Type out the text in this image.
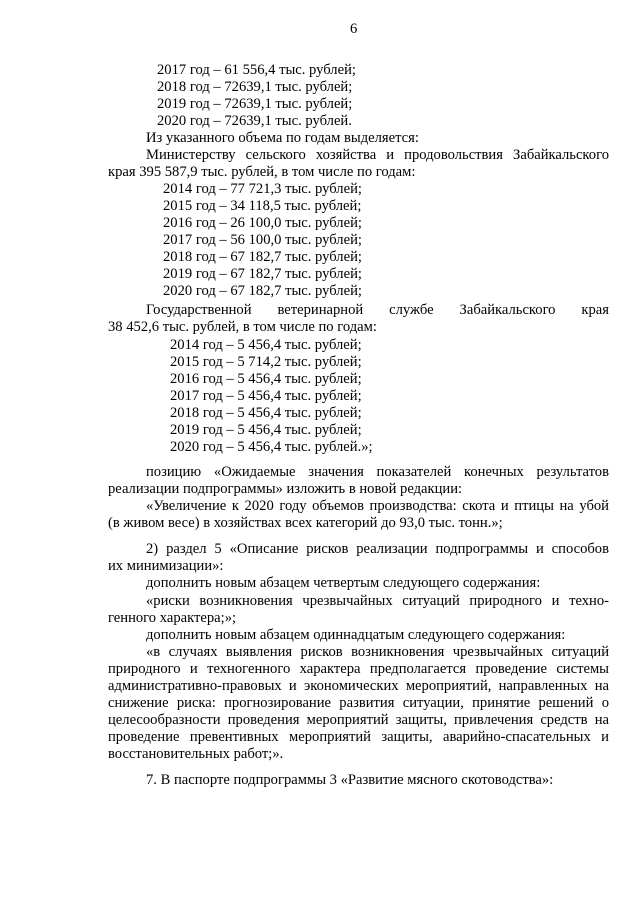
6
2017 год – 61 556,4 тыс. рублей;
2018 год – 72639,1 тыс. рублей;
2019 год – 72639,1 тыс. рублей;
2020 год – 72639,1 тыс. рублей.
Из указанного объема по годам выделяется:
Министерству сельского хозяйства и продовольствия Забайкальского
края 395 587,9 тыс. рублей, в том числе по годам:
2014 год – 77 721,3 тыс. рублей;
2015 год – 34 118,5 тыс. рублей;
2016 год – 26 100,0 тыс. рублей;
2017 год – 56 100,0 тыс. рублей;
2018 год – 67 182,7 тыс. рублей;
2019 год – 67 182,7 тыс. рублей;
2020 год – 67 182,7 тыс. рублей;
Государственной ветеринарной службе Забайкальского края
38 452,6 тыс. рублей, в том числе по годам:
2014 год – 5 456,4 тыс. рублей;
2015 год – 5 714,2 тыс. рублей;
2016 год – 5 456,4 тыс. рублей;
2017 год – 5 456,4 тыс. рублей;
2018 год – 5 456,4 тыс. рублей;
2019 год – 5 456,4 тыс. рублей;
2020 год – 5 456,4 тыс. рублей.»;
позицию «Ожидаемые значения показателей конечных результатов
реализации подпрограммы» изложить в новой редакции:
«Увеличение к 2020 году объемов производства: скота и птицы на убой
(в живом весе) в хозяйствах всех категорий до 93,0 тыс. тонн.»;
2) раздел 5 «Описание рисков реализации подпрограммы и способов
их минимизации»:
дополнить новым абзацем четвертым следующего содержания:
«риски возникновения чрезвычайных ситуаций природного и техно-
генного характера;»;
дополнить новым абзацем одиннадцатым следующего содержания:
«в случаях выявления рисков возникновения чрезвычайных ситуаций
природного и техногенного характера предполагается проведение системы
административно-правовых и экономических мероприятий, направленных на
снижение риска: прогнозирование развития ситуации, принятие решений о
целесообразности проведения мероприятий защиты, привлечения средств на
проведение превентивных мероприятий защиты, аварийно-спасательных и
восстановительных работ;».
7. В паспорте подпрограммы 3 «Развитие мясного скотоводства»:
